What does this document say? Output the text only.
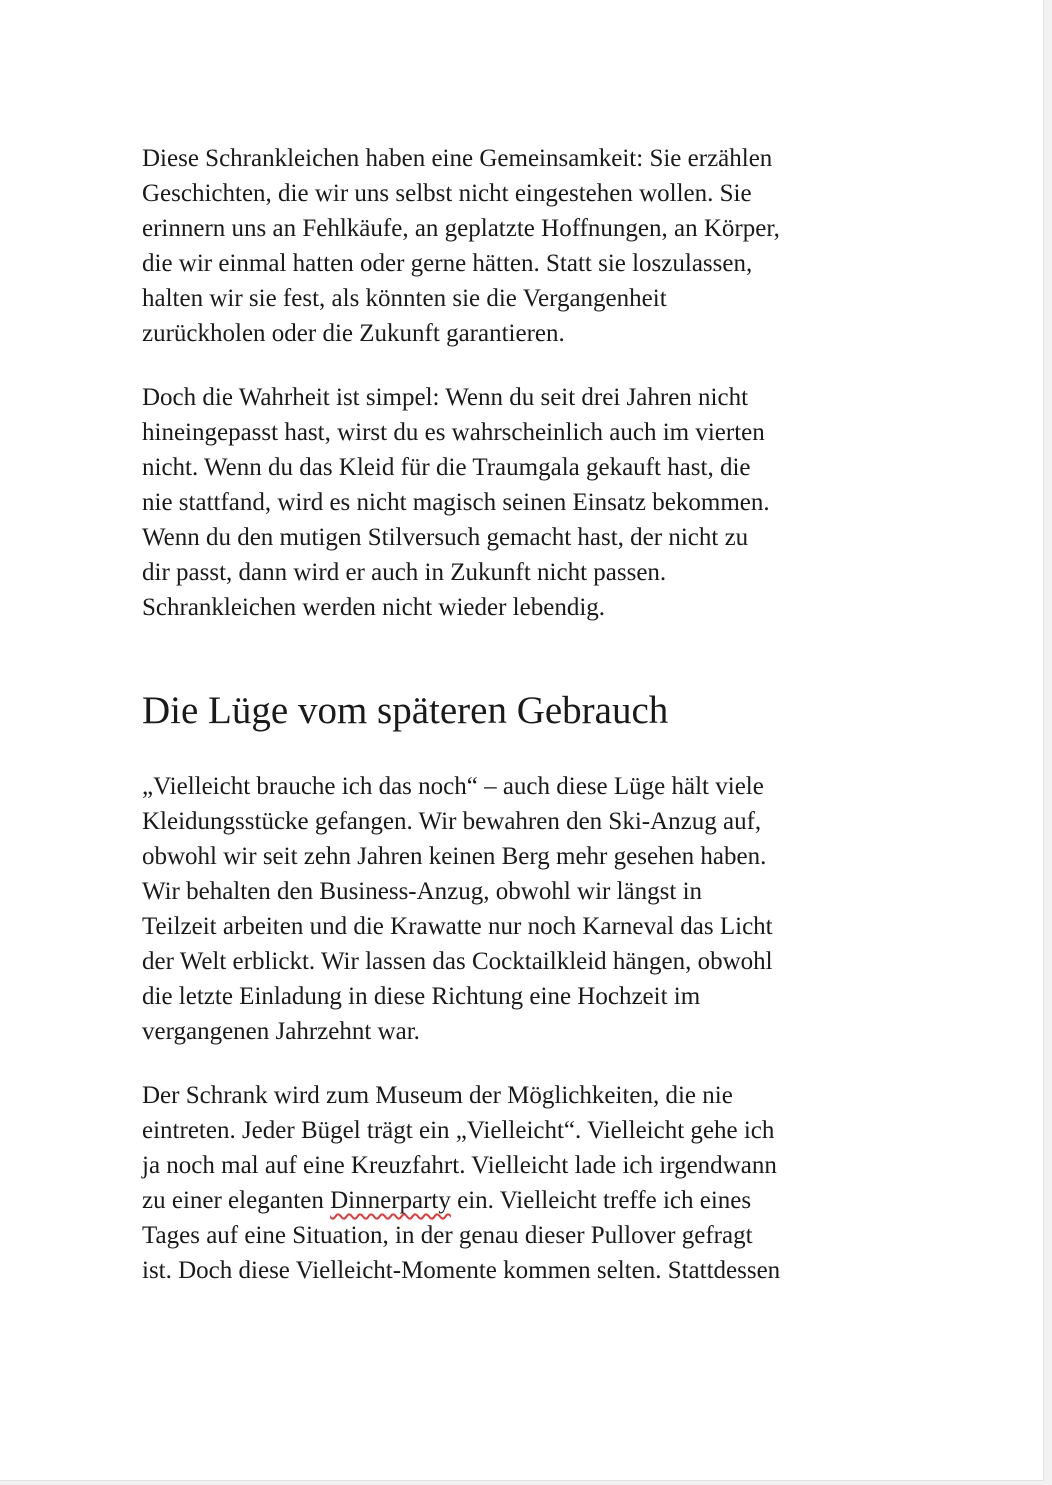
Diese Schrankleichen haben eine Gemeinsamkeit: Sie erzählen
Geschichten, die wir uns selbst nicht eingestehen wollen. Sie
erinnern uns an Fehlkäufe, an geplatzte Hoffnungen, an Körper,
die wir einmal hatten oder gerne hätten. Statt sie loszulassen,
halten wir sie fest, als könnten sie die Vergangenheit
zurückholen oder die Zukunft garantieren.

Doch die Wahrheit ist simpel: Wenn du seit drei Jahren nicht
hineingepasst hast, wirst du es wahrscheinlich auch im vierten
nicht. Wenn du das Kleid für die Traumgala gekauft hast, die
nie stattfand, wird es nicht magisch seinen Einsatz bekommen.
Wenn du den mutigen Stilversuch gemacht hast, der nicht zu
dir passt, dann wird er auch in Zukunft nicht passen.
Schrankleichen werden nicht wieder lebendig.

Die Lüge vom späteren Gebrauch

„Vielleicht brauche ich das noch“ – auch diese Lüge hält viele
Kleidungsstücke gefangen. Wir bewahren den Ski-Anzug auf,
obwohl wir seit zehn Jahren keinen Berg mehr gesehen haben.
Wir behalten den Business-Anzug, obwohl wir längst in
Teilzeit arbeiten und die Krawatte nur noch Karneval das Licht
der Welt erblickt. Wir lassen das Cocktailkleid hängen, obwohl
die letzte Einladung in diese Richtung eine Hochzeit im
vergangenen Jahrzehnt war.

Der Schrank wird zum Museum der Möglichkeiten, die nie
eintreten. Jeder Bügel trägt ein „Vielleicht“. Vielleicht gehe ich
ja noch mal auf eine Kreuzfahrt. Vielleicht lade ich irgendwann
zu einer eleganten Dinnerparty ein. Vielleicht treffe ich eines
Tages auf eine Situation, in der genau dieser Pullover gefragt
ist. Doch diese Vielleicht-Momente kommen selten. Stattdessen
